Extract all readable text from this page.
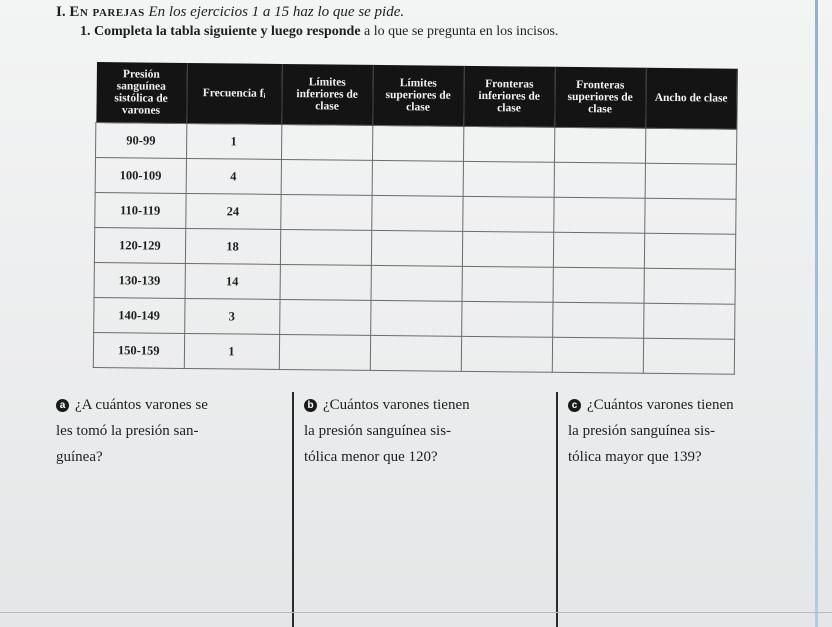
I. En parejas En los ejercicios 1 a 15 haz lo que se pide.
1. Completa la tabla siguiente y luego responde a lo que se pregunta en los incisos.
Presión sanguínea sistólica de varones	Frecuencia fᵢ	Límites inferiores de clase	Límites superiores de clase	Fronteras inferiores de clase	Fronteras superiores de clase	Ancho de clase
90-99	1					
100-109	4					
110-119	24					
120-129	18					
130-139	14					
140-149	3					
150-159	1					
a ¿A cuántos varones se
les tomó la presión san-
guínea?
b ¿Cuántos varones tienen
la presión sanguínea sis-
tólica menor que 120?
c ¿Cuántos varones tienen
la presión sanguínea sis-
tólica mayor que 139?
